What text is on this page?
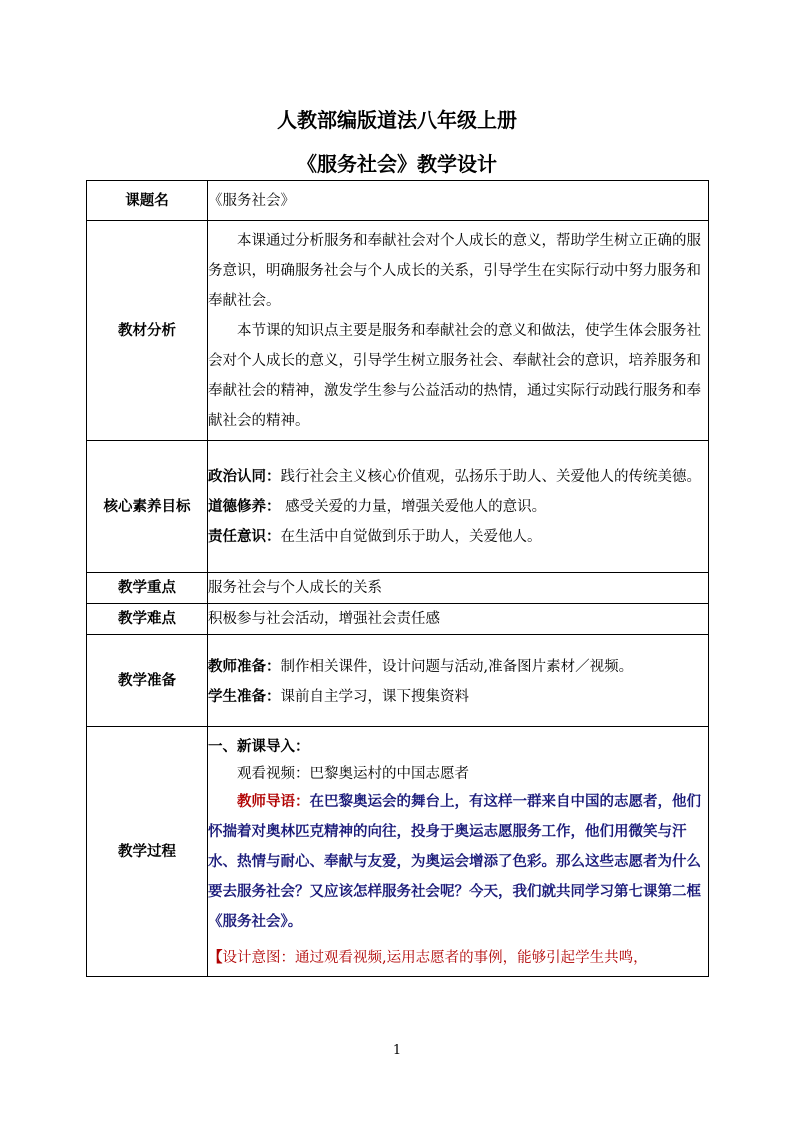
人教部编版道法八年级上册
《服务社会》教学设计
课题名	《服务社会》
教材分析	本课通过分析服务和奉献社会对个人成长的意义，帮助学生树立正确的服务意识，明确服务社会与个人成长的关系，引导学生在实际行动中努力服务和奉献社会。
本节课的知识点主要是服务和奉献社会的意义和做法，使学生体会服务社会对个人成长的意义，引导学生树立服务社会、奉献社会的意识，培养服务和奉献社会的精神，激发学生参与公益活动的热情，通过实际行动践行服务和奉献社会的精神。

核心素养目标	政治认同：践行社会主义核心价值观，弘扬乐于助人、关爱他人的传统美德。
道德修养： 感受关爱的力量，增强关爱他人的意识。
责任意识：在生活中自觉做到乐于助人，关爱他人。

教学重点	服务社会与个人成长的关系
教学难点	积极参与社会活动，增强社会责任感
教学准备	教师准备：制作相关课件，设计问题与活动,准备图片素材／视频。
学生准备：课前自主学习，课下搜集资料

教学过程	一、新课导入：
观看视频：巴黎奥运村的中国志愿者
教师导语：在巴黎奥运会的舞台上，有这样一群来自中国的志愿者，他们怀揣着对奥林匹克精神的向往，投身于奥运志愿服务工作，他们用微笑与汗水、热情与耐心、奉献与友爱，为奥运会增添了色彩。那么这些志愿者为什么要去服务社会？又应该怎样服务社会呢？今天，我们就共同学习第七课第二框《服务社会》。
【设计意图：通过观看视频,运用志愿者的事例，能够引起学生共鸣，
1
